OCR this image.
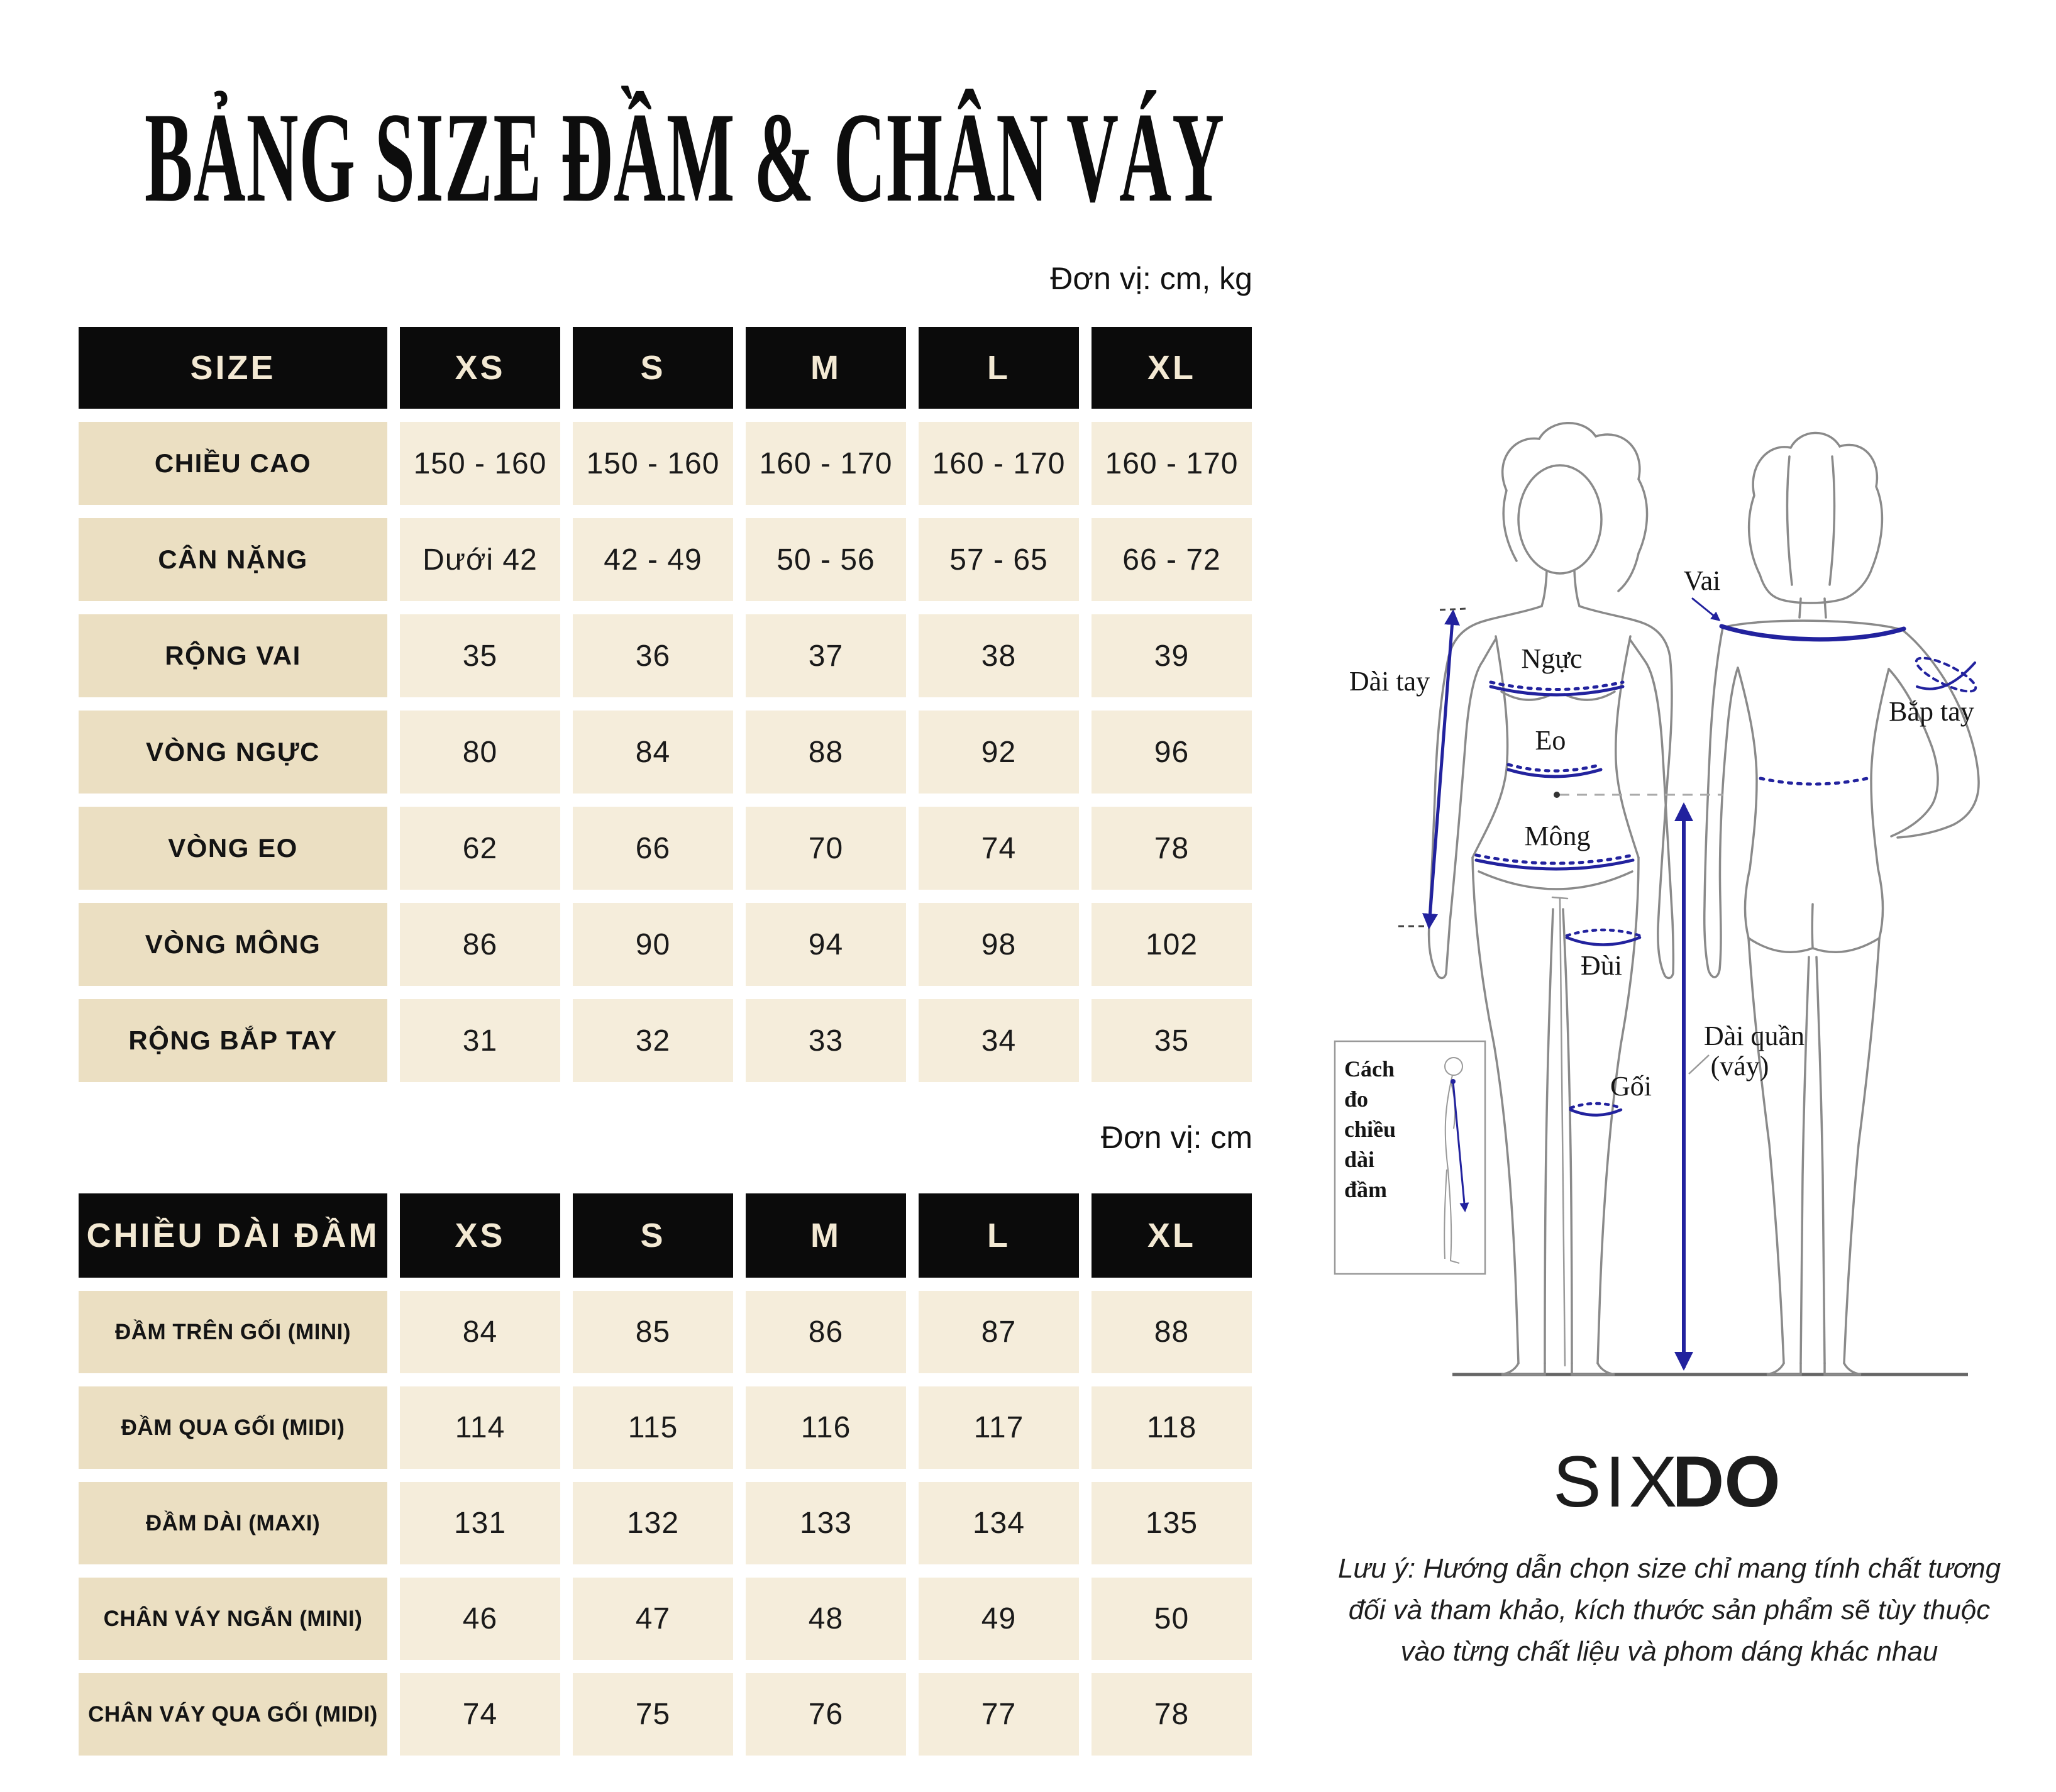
BẢNG SIZE ĐẦM & CHÂN VÁY
Đơn vị: cm, kg
SIZE	XS	S	M	L	XL
CHIỀU CAO	150 - 160	150 - 160	160 - 170	160 - 170	160 - 170
CÂN NẶNG	Dưới 42	42 - 49	50 - 56	57 - 65	66 - 72
RỘNG VAI	35	36	37	38	39
VÒNG NGỰC	80	84	88	92	96
VÒNG EO	62	66	70	74	78
VÒNG MÔNG	86	90	94	98	102
RỘNG BẮP TAY	31	32	33	34	35
Đơn vị: cm
CHIỀU DÀI ĐẦM	XS	S	M	L	XL
ĐẦM TRÊN GỐI (MINI)	84	85	86	87	88
ĐẦM QUA GỐI (MIDI)	114	115	116	117	118
ĐẦM DÀI (MAXI)	131	132	133	134	135
CHÂN VÁY NGẮN (MINI)	46	47	48	49	50
CHÂN VÁY QUA GỐI (MIDI)	74	75	76	77	78
Vai
Dài tay
Ngực
Eo
Mông
Bắp tay
Đùi
Gối
Dài quần
(váy)
Cách
đo
chiều
dài
đầm
SIX
DO
Lưu ý: Hướng dẫn chọn size chỉ mang tính chất tương
đối và tham khảo, kích thước sản phẩm sẽ tùy thuộc
vào từng chất liệu và phom dáng khác nhau
